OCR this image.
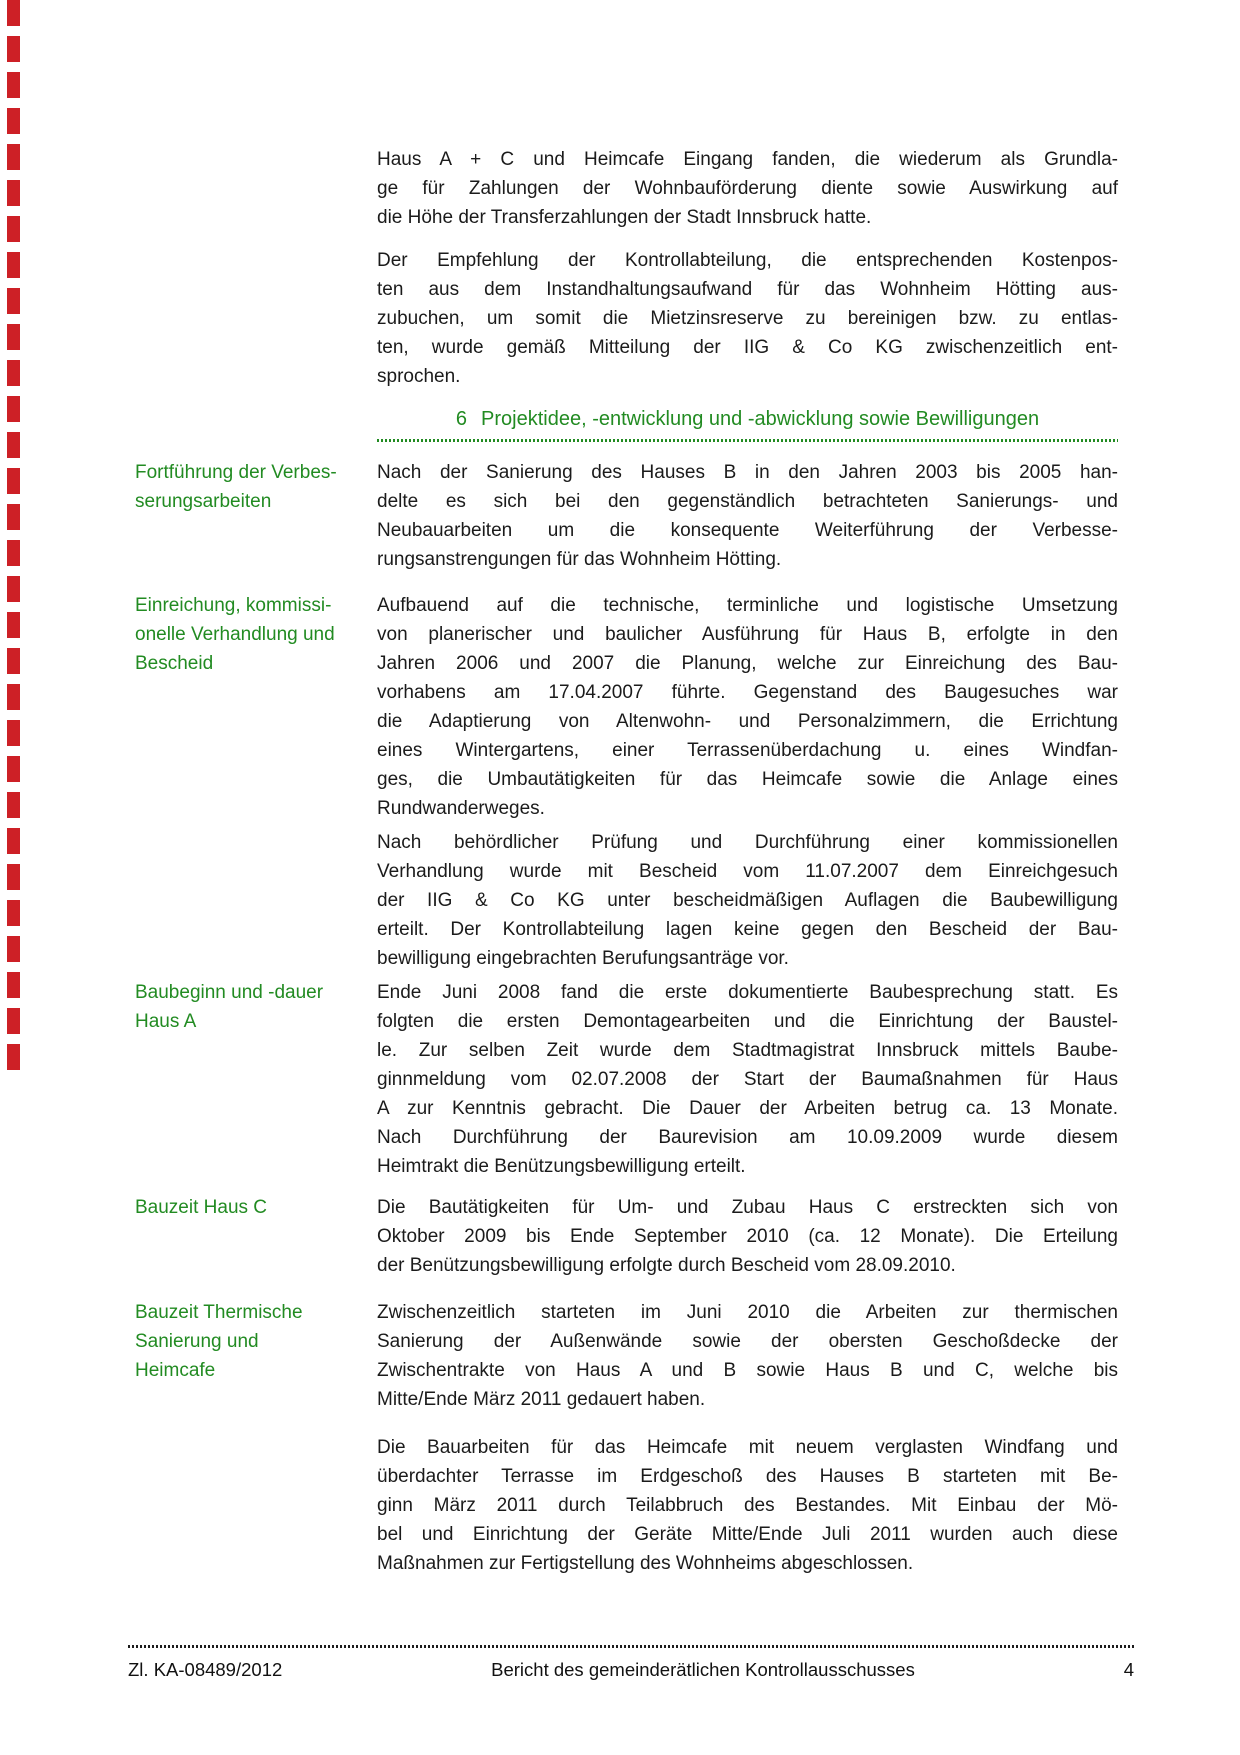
6 Projektidee, -entwicklung und -abwicklung sowie Bewilligungen
Haus A + C und Heimcafe Eingang fanden, die wiederum als Grundla-
ge für Zahlungen der Wohnbauförderung diente sowie Auswirkung auf
die Höhe der Transferzahlungen der Stadt Innsbruck hatte.
Der Empfehlung der Kontrollabteilung, die entsprechenden Kostenpos-
ten aus dem Instandhaltungsaufwand für das Wohnheim Hötting aus-
zubuchen, um somit die Mietzinsreserve zu bereinigen bzw. zu entlas-
ten, wurde gemäß Mitteilung der IIG & Co KG zwischenzeitlich ent-
sprochen.
Fortführung der Verbes-
serungsarbeiten
Nach der Sanierung des Hauses B in den Jahren 2003 bis 2005 han-
delte es sich bei den gegenständlich betrachteten Sanierungs- und
Neubauarbeiten um die konsequente Weiterführung der Verbesse-
rungsanstrengungen für das Wohnheim Hötting.
Einreichung, kommissi-
onelle Verhandlung und
Bescheid
Aufbauend auf die technische, terminliche und logistische Umsetzung
von planerischer und baulicher Ausführung für Haus B, erfolgte in den
Jahren 2006 und 2007 die Planung, welche zur Einreichung des Bau-
vorhabens am 17.04.2007 führte. Gegenstand des Baugesuches war
die Adaptierung von Altenwohn- und Personalzimmern, die Errichtung
eines Wintergartens, einer Terrassenüberdachung u. eines Windfan-
ges, die Umbautätigkeiten für das Heimcafe sowie die Anlage eines
Rundwanderweges.
Nach behördlicher Prüfung und Durchführung einer kommissionellen
Verhandlung wurde mit Bescheid vom 11.07.2007 dem Einreichgesuch
der IIG & Co KG unter bescheidmäßigen Auflagen die Baubewilligung
erteilt. Der Kontrollabteilung lagen keine gegen den Bescheid der Bau-
bewilligung eingebrachten Berufungsanträge vor.
Baubeginn und -dauer
Haus A
Ende Juni 2008 fand die erste dokumentierte Baubesprechung statt. Es
folgten die ersten Demontagearbeiten und die Einrichtung der Baustel-
le. Zur selben Zeit wurde dem Stadtmagistrat Innsbruck mittels Baube-
ginnmeldung vom 02.07.2008 der Start der Baumaßnahmen für Haus
A zur Kenntnis gebracht. Die Dauer der Arbeiten betrug ca. 13 Monate.
Nach Durchführung der Baurevision am 10.09.2009 wurde diesem
Heimtrakt die Benützungsbewilligung erteilt.
Bauzeit Haus C	Die Bautätigkeiten für Um- und Zubau Haus C erstreckten sich von
Oktober 2009 bis Ende September 2010 (ca. 12 Monate). Die Erteilung
der Benützungsbewilligung erfolgte durch Bescheid vom 28.09.2010.
Bauzeit Thermische
Sanierung und
Heimcafe
Zwischenzeitlich starteten im Juni 2010 die Arbeiten zur thermischen
Sanierung der Außenwände sowie der obersten Geschoßdecke der
Zwischentrakte von Haus A und B sowie Haus B und C, welche bis
Mitte/Ende März 2011 gedauert haben.
Die Bauarbeiten für das Heimcafe mit neuem verglasten Windfang und
überdachter Terrasse im Erdgeschoß des Hauses B starteten mit Be-
ginn März 2011 durch Teilabbruch des Bestandes. Mit Einbau der Mö-
bel und Einrichtung der Geräte Mitte/Ende Juli 2011 wurden auch diese
Maßnahmen zur Fertigstellung des Wohnheims abgeschlossen.
Zl. KA-08489/2012	Bericht des gemeinderätlichen Kontrollausschusses	4
